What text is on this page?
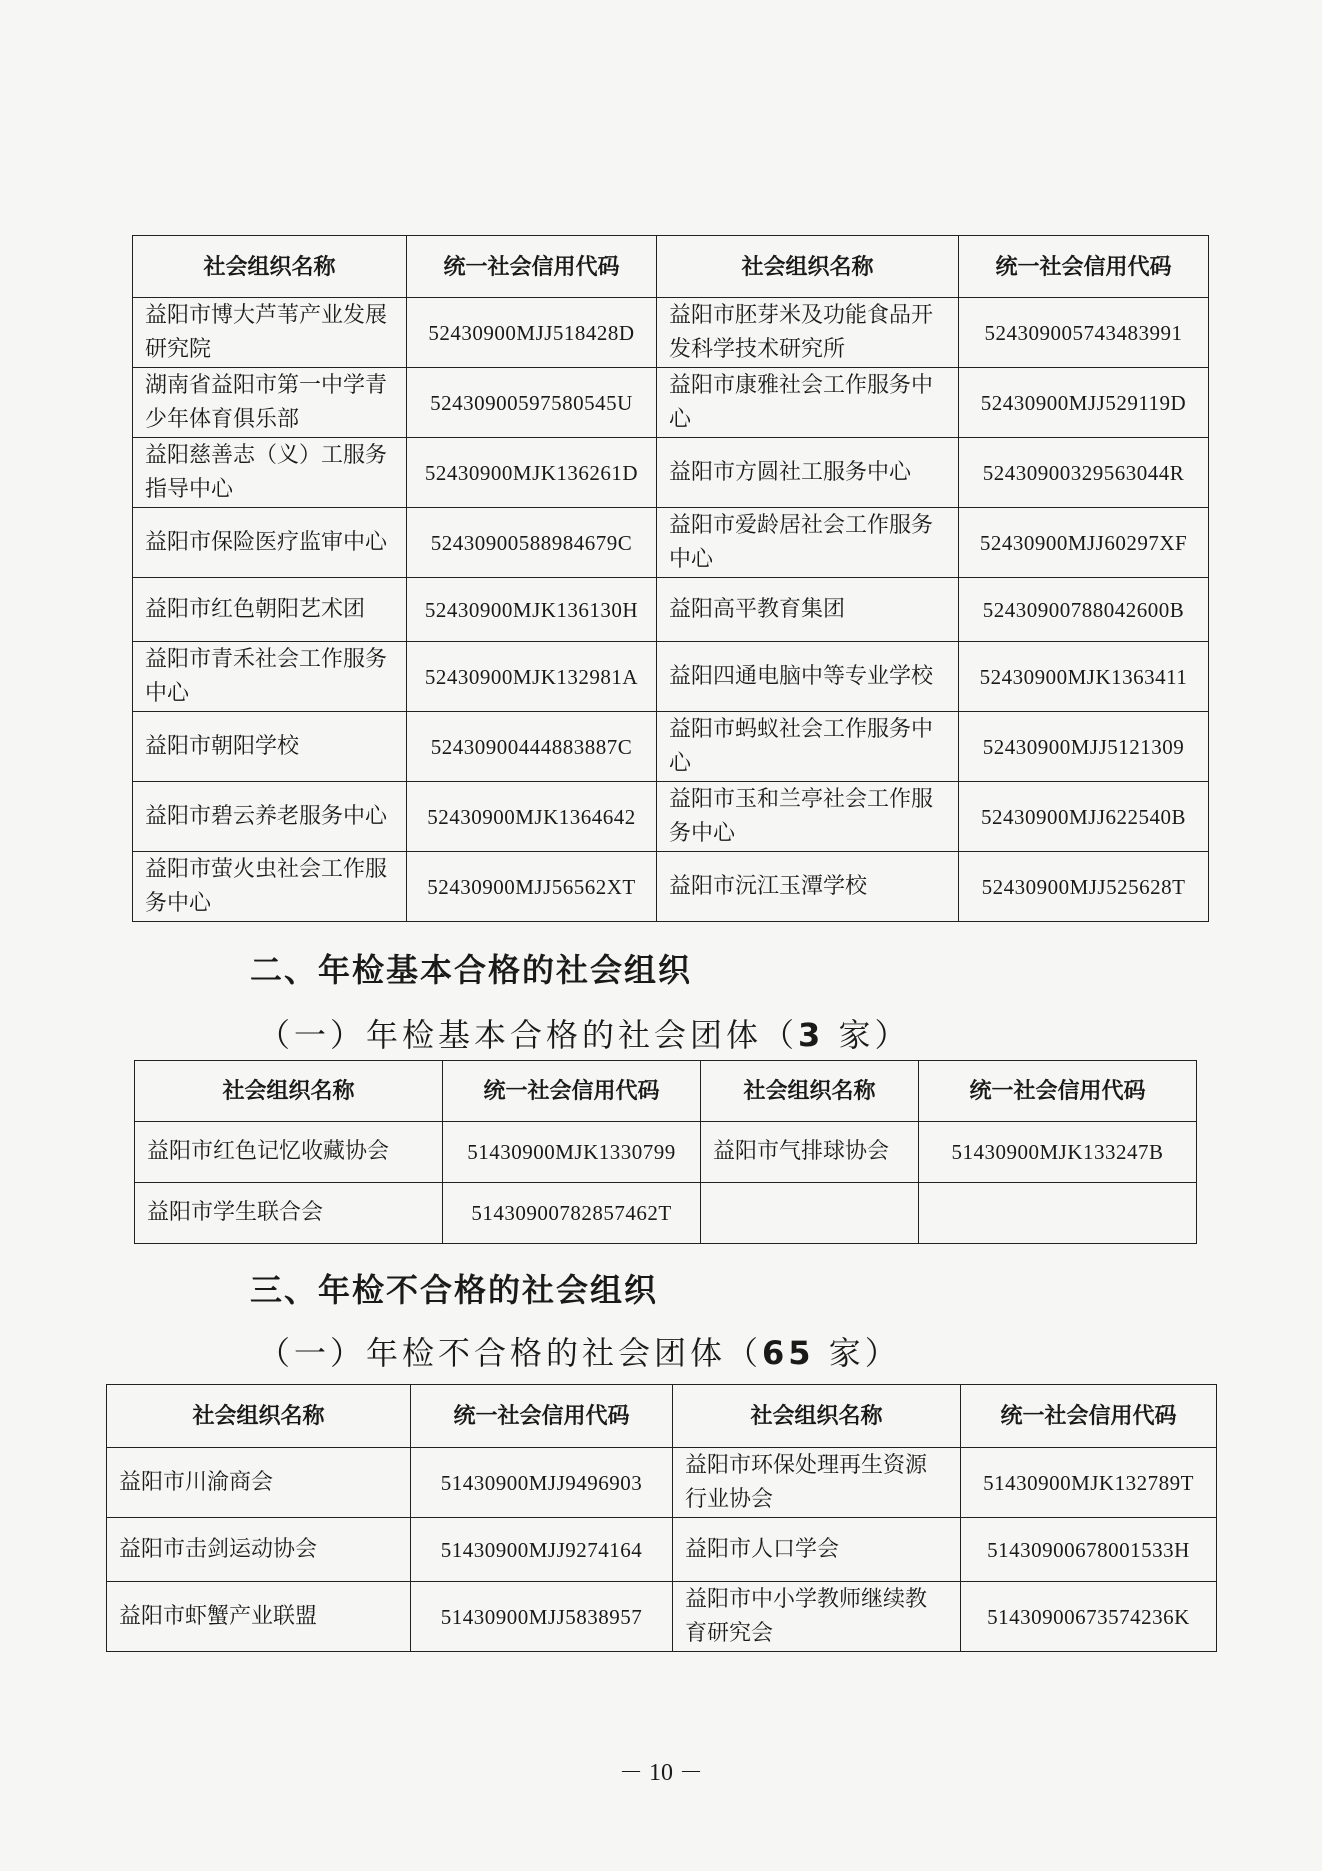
社会组织名称	统一社会信用代码	社会组织名称	统一社会信用代码
益阳市博大芦苇产业发展研究院	52430900MJJ518428D	益阳市胚芽米及功能食品开发科学技术研究所	524309005743483991
湖南省益阳市第一中学青少年体育俱乐部	52430900597580545U	益阳市康雅社会工作服务中心	52430900MJJ529119D
益阳慈善志（义）工服务指导中心	52430900MJK136261D	益阳市方圆社工服务中心	52430900329563044R
益阳市保险医疗监审中心	52430900588984679C	益阳市爱龄居社会工作服务中心	52430900MJJ60297XF
益阳市红色朝阳艺术团	52430900MJK136130H	益阳高平教育集团	52430900788042600B
益阳市青禾社会工作服务中心	52430900MJK132981A	益阳四通电脑中等专业学校	52430900MJK1363411
益阳市朝阳学校	52430900444883887C	益阳市蚂蚁社会工作服务中心	52430900MJJ5121309
益阳市碧云养老服务中心	52430900MJK1364642	益阳市玉和兰亭社会工作服务中心	52430900MJJ622540B
益阳市萤火虫社会工作服务中心	52430900MJJ56562XT	益阳市沅江玉潭学校	52430900MJJ525628T
二、年检基本合格的社会组织
（一）年检基本合格的社会团体（3 家）
社会组织名称	统一社会信用代码	社会组织名称	统一社会信用代码
益阳市红色记忆收藏协会	51430900MJK1330799	益阳市气排球协会	51430900MJK133247B
益阳市学生联合会	51430900782857462T		
三、年检不合格的社会组织
（一）年检不合格的社会团体（65 家）
社会组织名称	统一社会信用代码	社会组织名称	统一社会信用代码
益阳市川渝商会	51430900MJJ9496903	益阳市环保处理再生资源行业协会	51430900MJK132789T
益阳市击剑运动协会	51430900MJJ9274164	益阳市人口学会	51430900678001533H
益阳市虾蟹产业联盟	51430900MJJ5838957	益阳市中小学教师继续教育研究会	51430900673574236K
－ 10 －
